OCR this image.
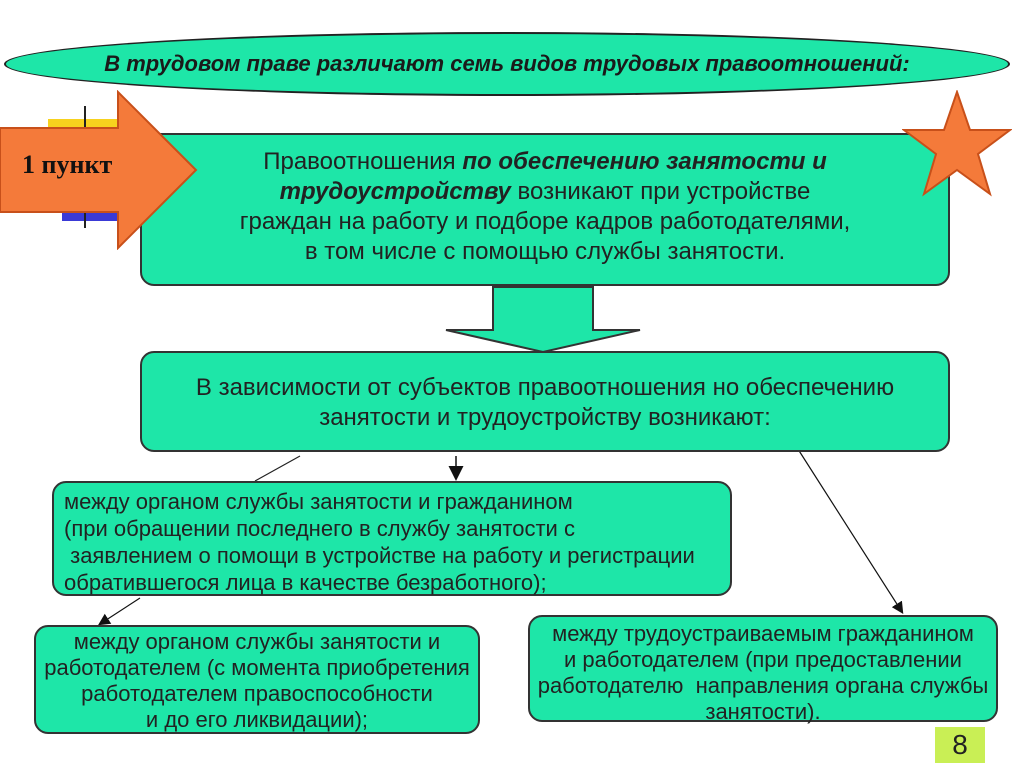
В трудовом праве различают семь видов трудовых правоотношений:
Правоотношения по обеспечению занятости и
трудоустройству возникают при устройстве
граждан на работу и подборе кадров работодателями,
в том числе с помощью службы занятости.
В зависимости от субъектов правоотношения но обеспечению
занятости и трудоустройству возникают:
между органом службы занятости и гражданином
(при обращении последнего в службу занятости с
заявлением о помощи в устройстве на работу и регистрации
обратившегося лица в качестве безработного);
между органом службы занятости и
работодателем (с момента приобретения
работодателем правоспособности
и до его ликвидации);
между трудоустраиваемым гражданином
и работодателем (при предоставлении
работодателю  направления органа службы
занятости).
1 пункт
8
